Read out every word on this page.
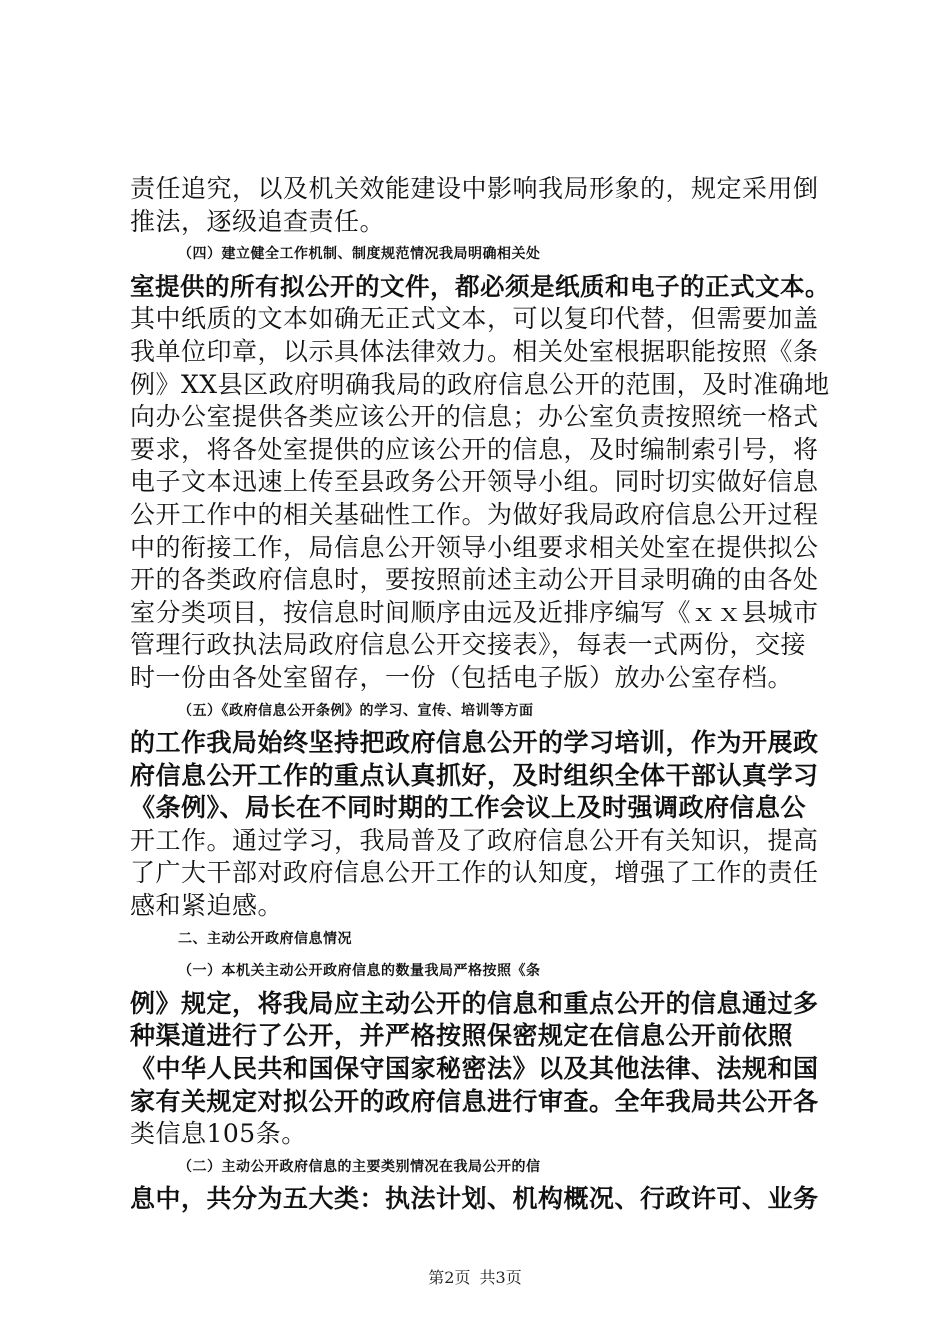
责任追究，以及机关效能建设中影响我局形象的，规定采用倒
推法，逐级追查责任。
（四）建立健全工作机制、制度规范情况我局明确相关处
室提供的所有拟公开的文件，都必须是纸质和电子的正式文本。
其中纸质的文本如确无正式文本，可以复印代替，但需要加盖
我单位印章，以示具体法律效力。相关处室根据职能按照《条
例》XX县区政府明确我局的政府信息公开的范围，及时准确地
向办公室提供各类应该公开的信息；办公室负责按照统一格式
要求，将各处室提供的应该公开的信息，及时编制索引号，将
电子文本迅速上传至县政务公开领导小组。同时切实做好信息
公开工作中的相关基础性工作。为做好我局政府信息公开过程
中的衔接工作，局信息公开领导小组要求相关处室在提供拟公
开的各类政府信息时，要按照前述主动公开目录明确的由各处
室分类项目，按信息时间顺序由远及近排序编写《ｘｘ县城市
管理行政执法局政府信息公开交接表》，每表一式两份，交接
时一份由各处室留存，一份（包括电子版）放办公室存档。
（五）《政府信息公开条例》的学习、宣传、培训等方面
的工作我局始终坚持把政府信息公开的学习培训，作为开展政
府信息公开工作的重点认真抓好，及时组织全体干部认真学习
《条例》、局长在不同时期的工作会议上及时强调政府信息公
开工作。通过学习，我局普及了政府信息公开有关知识，提高
了广大干部对政府信息公开工作的认知度，增强了工作的责任
感和紧迫感。
二、主动公开政府信息情况
（一）本机关主动公开政府信息的数量我局严格按照《条
例》规定，将我局应主动公开的信息和重点公开的信息通过多
种渠道进行了公开，并严格按照保密规定在信息公开前依照
《中华人民共和国保守国家秘密法》以及其他法律、法规和国
家有关规定对拟公开的政府信息进行审查。全年我局共公开各
类信息105条。
（二）主动公开政府信息的主要类别情况在我局公开的信
息中，共分为五大类：执法计划、机构概况、行政许可、业务
第2页 共3页
